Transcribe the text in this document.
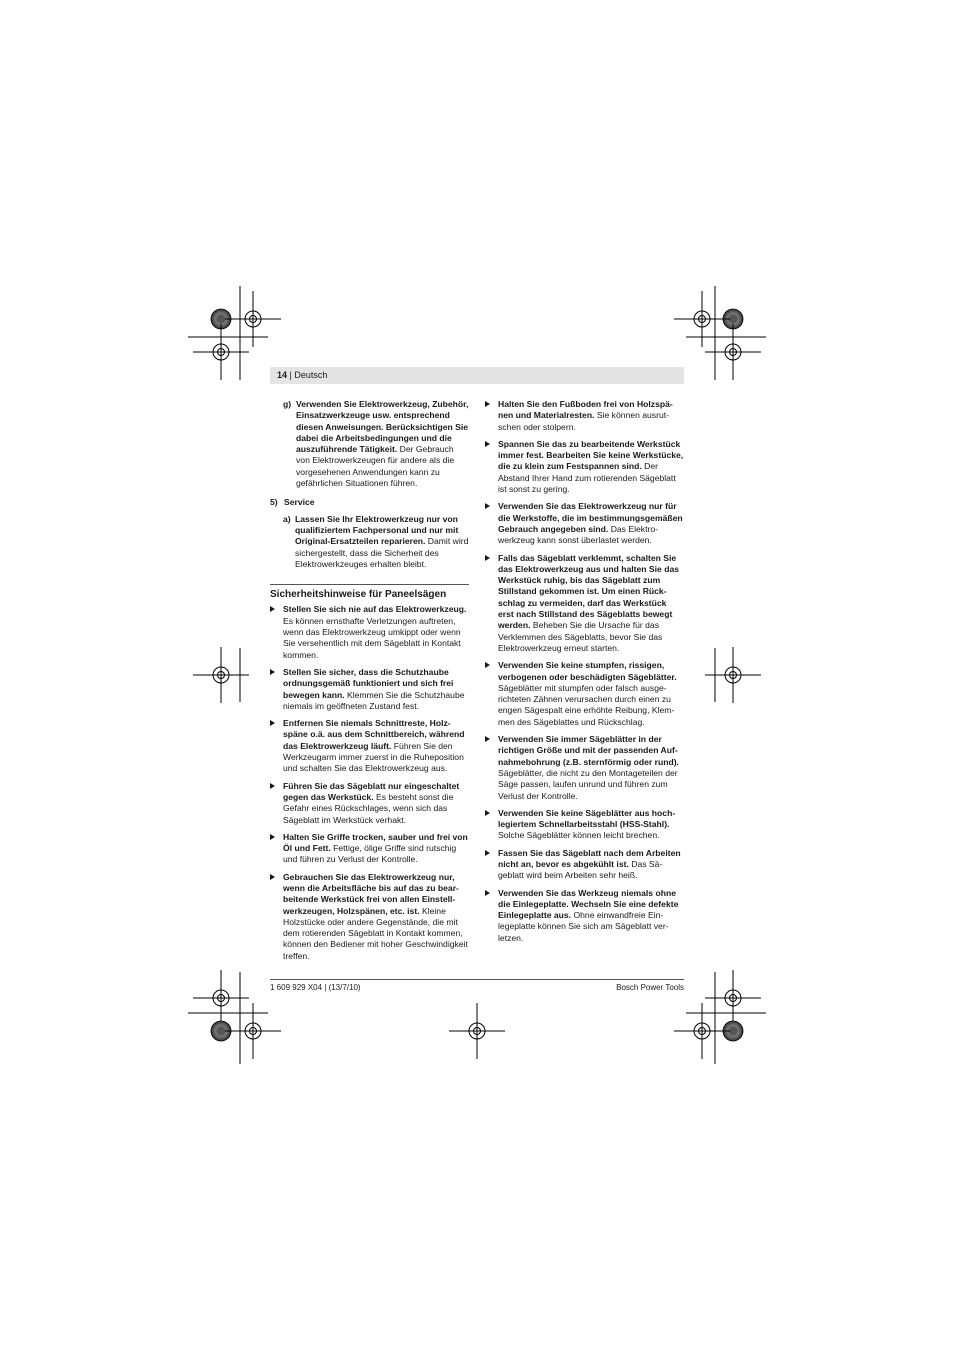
14 | Deutsch
g) Verwenden Sie Elektrowerkzeug, Zubehör, Einsatzwerkzeuge usw. entsprechend diesen Anweisungen. Berücksichtigen Sie dabei die Arbeitsbedingungen und die auszuführende Tätigkeit. Der Gebrauch von Elektrowerkzeugen für andere als die vorgesehenen Anwendungen kann zu gefährlichen Situationen führen.
5) Service
a) Lassen Sie Ihr Elektrowerkzeug nur von qualifiziertem Fachpersonal und nur mit Original-Ersatzteilen reparieren. Damit wird sichergestellt, dass die Sicherheit des Elektrowerkzeuges erhalten bleibt.
Sicherheitshinweise für Paneelsägen
Stellen Sie sich nie auf das Elektrowerkzeug. Es können ernsthafte Verletzungen auftreten, wenn das Elektrowerkzeug umkippt oder wenn Sie versehentlich mit dem Sägeblatt in Kontakt kommen.
Stellen Sie sicher, dass die Schutzhaube ordnungsgemäß funktioniert und sich frei bewegen kann. Klemmen Sie die Schutzhaube niemals im geöffneten Zustand fest.
Entfernen Sie niemals Schnittreste, Holzspäne o.ä. aus dem Schnittbereich, während das Elektrowerkzeug läuft. Führen Sie den Werkzeugarm immer zuerst in die Ruheposition und schalten Sie das Elektrowerkzeug aus.
Führen Sie das Sägeblatt nur eingeschaltet gegen das Werkstück. Es besteht sonst die Gefahr eines Rückschlages, wenn sich das Sägeblatt im Werkstück verhakt.
Halten Sie Griffe trocken, sauber und frei von Öl und Fett. Fettige, ölige Griffe sind rutschig und führen zu Verlust der Kontrolle.
Gebrauchen Sie das Elektrowerkzeug nur, wenn die Arbeitsfläche bis auf das zu bearbeitende Werkstück frei von allen Einstellwerkzeugen, Holzspänen, etc. ist. Kleine Holzstücke oder andere Gegenstände, die mit dem rotierenden Sägeblatt in Kontakt kommen, können den Bediener mit hoher Geschwindigkeit treffen.
Halten Sie den Fußboden frei von Holzspänen und Materialresten. Sie können ausrutschen oder stolpern.
Spannen Sie das zu bearbeitende Werkstück immer fest. Bearbeiten Sie keine Werkstücke, die zu klein zum Festspannen sind. Der Abstand Ihrer Hand zum rotierenden Sägeblatt ist sonst zu gering.
Verwenden Sie das Elektrowerkzeug nur für die Werkstoffe, die im bestimmungsgemäßen Gebrauch angegeben sind. Das Elektrowerkzeug kann sonst überlastet werden.
Falls das Sägeblatt verklemmt, schalten Sie das Elektrowerkzeug aus und halten Sie das Werkstück ruhig, bis das Sägeblatt zum Stillstand gekommen ist. Um einen Rückschlag zu vermeiden, darf das Werkstück erst nach Stillstand des Sägeblatts bewegt werden. Beheben Sie die Ursache für das Verklemmen des Sägeblatts, bevor Sie das Elektrowerkzeug erneut starten.
Verwenden Sie keine stumpfen, rissigen, verbogenen oder beschädigten Sägeblätter. Sägeblätter mit stumpfen oder falsch ausgerichteten Zähnen verursachen durch einen zu engen Sägespalt eine erhöhte Reibung, Klemmen des Sägeblattes und Rückschlag.
Verwenden Sie immer Sägeblätter in der richtigen Größe und mit der passenden Aufnahmebohrung (z.B. sternförmig oder rund). Sägeblätter, die nicht zu den Montageteilen der Säge passen, laufen unrund und führen zum Verlust der Kontrolle.
Verwenden Sie keine Sägeblätter aus hochlegiertem Schnellarbeitsstahl (HSS-Stahl). Solche Sägeblätter können leicht brechen.
Fassen Sie das Sägeblatt nach dem Arbeiten nicht an, bevor es abgekühlt ist. Das Sägeblatt wird beim Arbeiten sehr heiß.
Verwenden Sie das Werkzeug niemals ohne die Einlegeplatte. Wechseln Sie eine defekte Einlegeplatte aus. Ohne einwandfreie Einlegeplatte können Sie sich am Sägeblatt verletzen.
1 609 929 X04 | (13/7/10)	Bosch Power Tools
